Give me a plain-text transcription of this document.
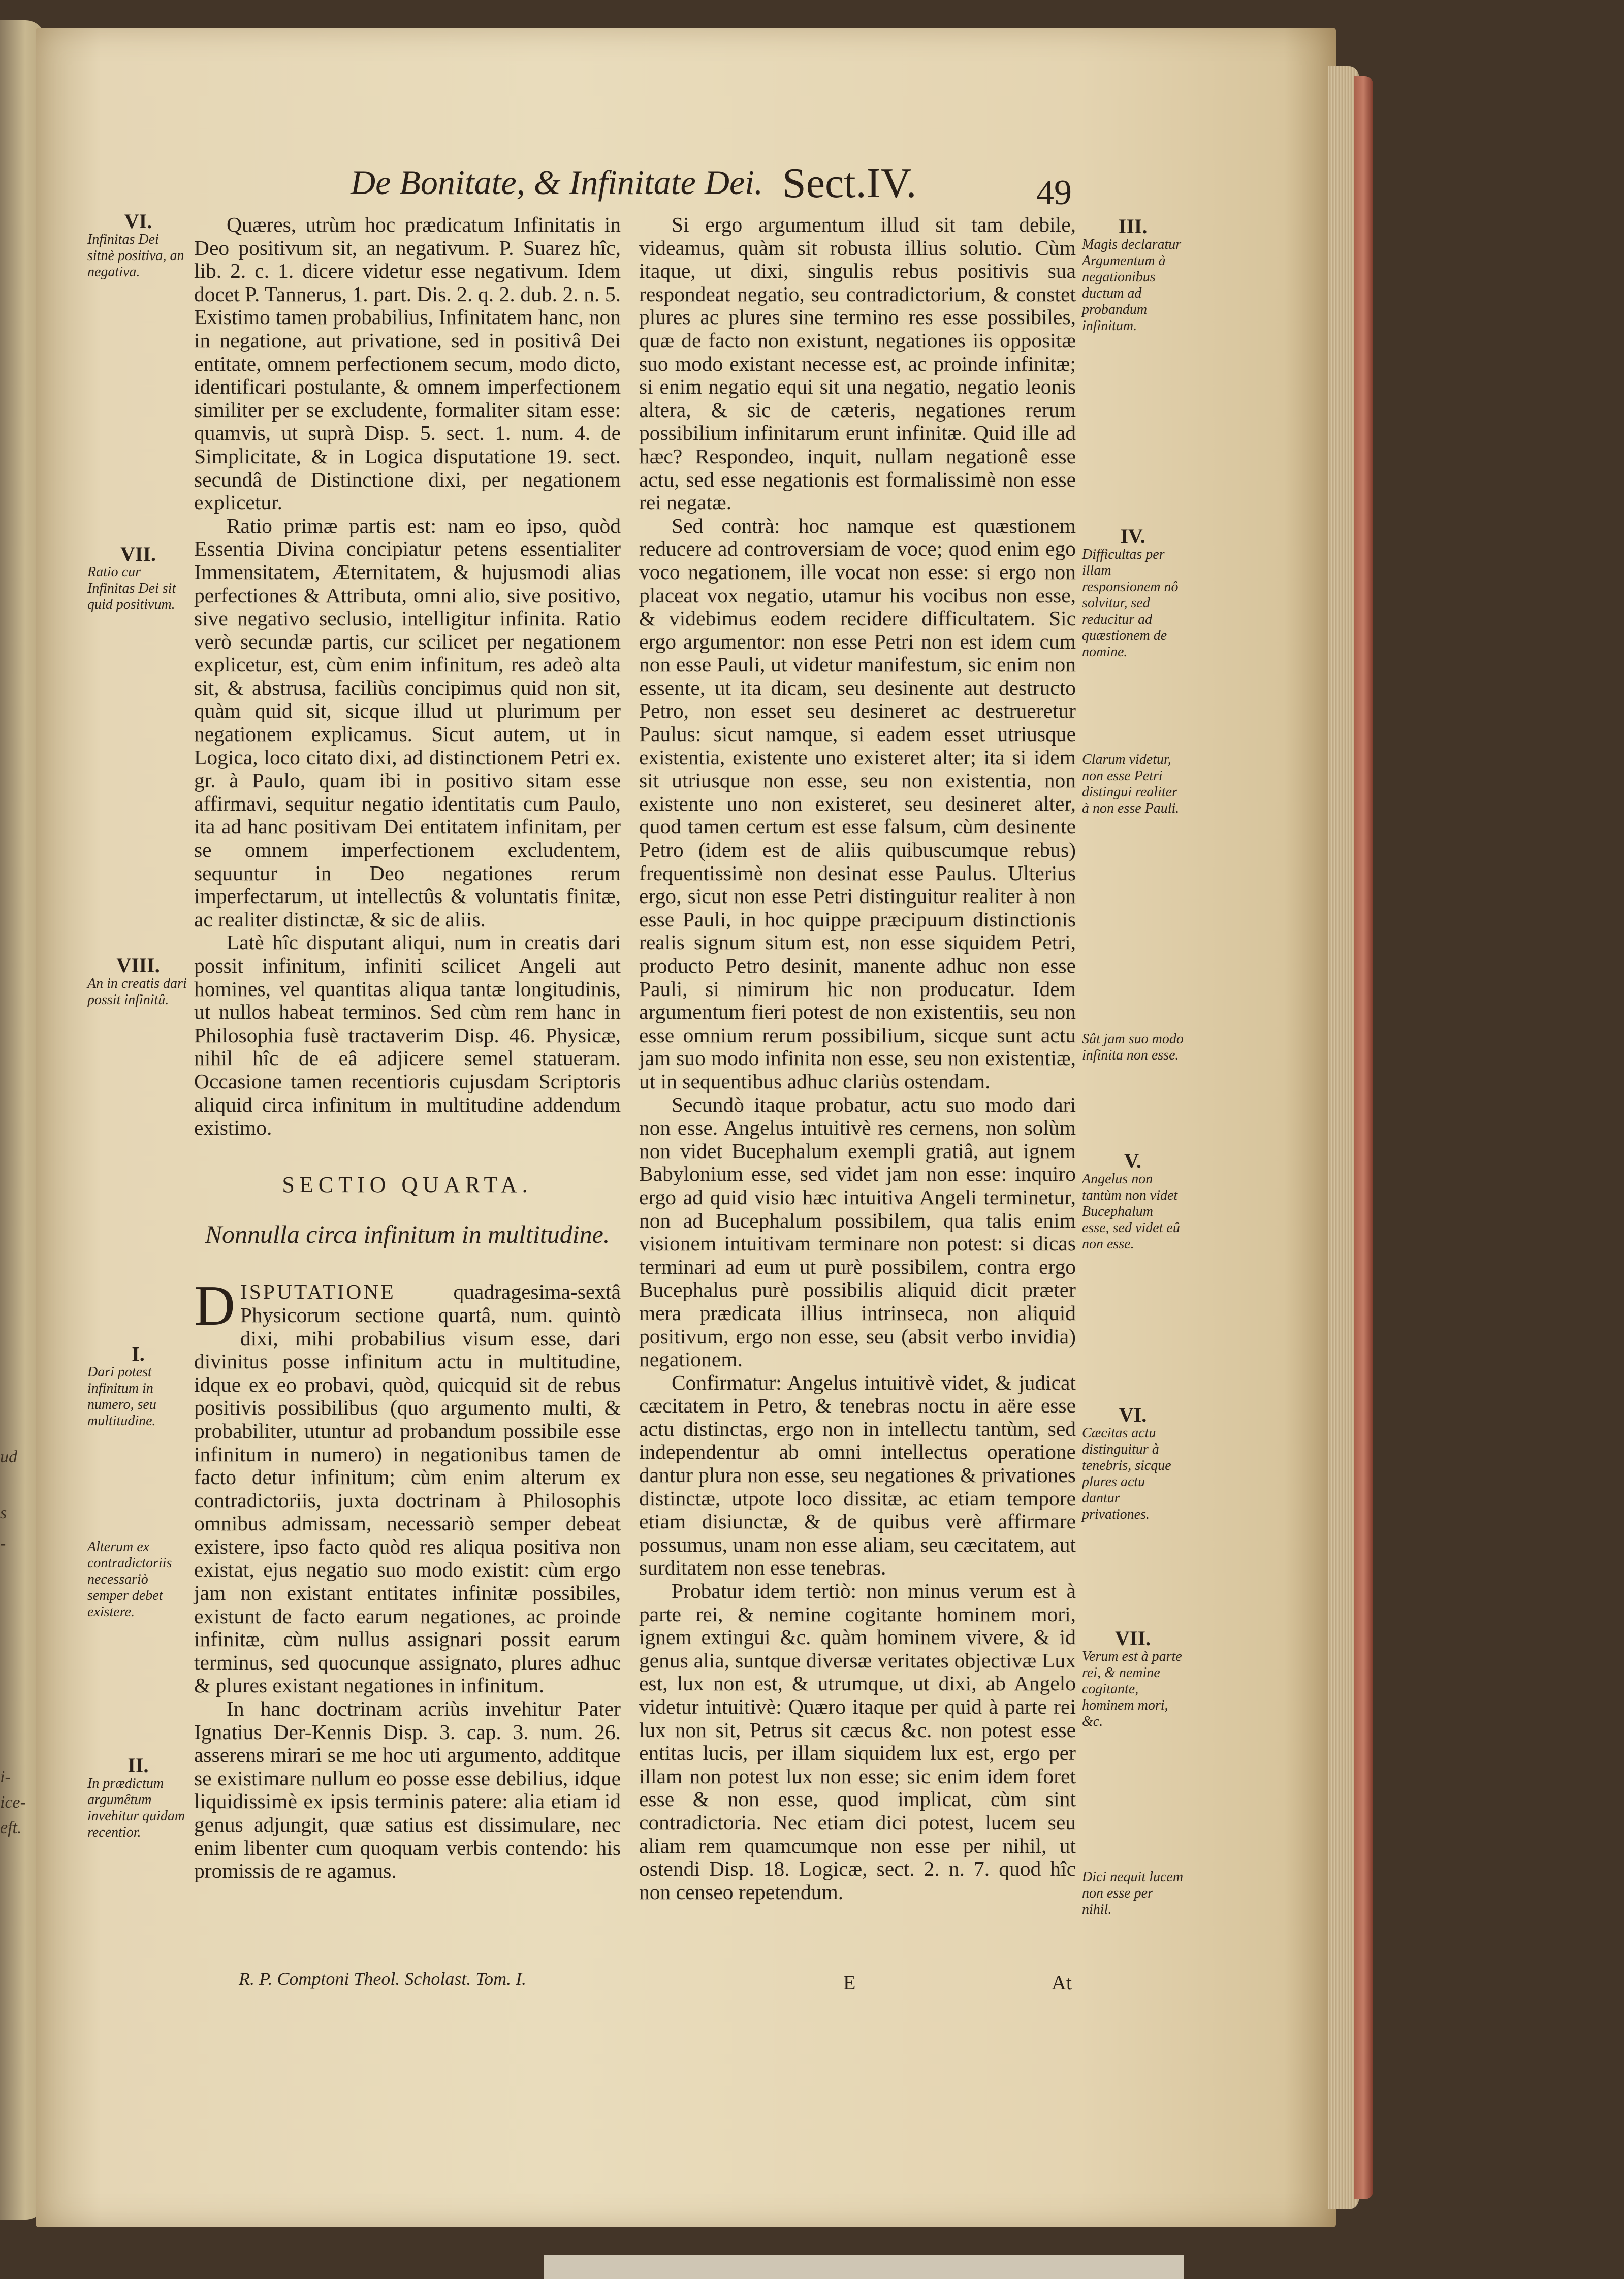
ud
s
-
i-
ice-
eft.
De Bonitate, & Infinitate Dei. Sect.IV.	49
VI.
Infinitas Dei sitnè positiva, an negativa.
VII.
Ratio cur Infinitas Dei sit quid positivum.
VIII.
An in creatis dari possit infinitû.
I.
Dari potest infinitum in numero, seu multitudine.
Alterum ex contradictoriis necessariò semper debet existere.
II.
In prædictum argumêtum invehitur quidam recentior.

Quæres, utrùm hoc prædicatum Infinitatis in Deo positivum sit, an negativum. P. Suarez hîc, lib. 2. c. 1. dicere videtur esse negativum. Idem docet P. Tannerus, 1. part. Dis. 2. q. 2. dub. 2. n. 5. Existimo tamen probabilius, Infinitatem hanc, non in negatione, aut privatione, sed in positivâ Dei entitate, omnem perfectionem secum, modo dicto, identificari postulante, & omnem imperfectionem similiter per se excludente, formaliter sitam esse: quamvis, ut suprà Disp. 5. sect. 1. num. 4. de Simplicitate, & in Logica disputatione 19. sect. secundâ de Distinctione dixi, per negationem explicetur.

Ratio primæ partis est: nam eo ipso, quòd Essentia Divina concipiatur petens essentialiter Immensitatem, Æternitatem, & hujusmodi alias perfectiones & Attributa, omni alio, sive positivo, sive negativo seclusio, intelligitur infinita. Ratio verò secundæ partis, cur scilicet per negationem explicetur, est, cùm enim infinitum, res adeò alta sit, & abstrusa, faciliùs concipimus quid non sit, quàm quid sit, sicque illud ut plurimum per negationem explicamus. Sicut autem, ut in Logica, loco citato dixi, ad distinctionem Petri ex. gr. à Paulo, quam ibi in positivo sitam esse affirmavi, sequitur negatio identitatis cum Paulo, ita ad hanc positivam Dei entitatem infinitam, per se omnem imperfectionem excludentem, sequuntur in Deo negationes rerum imperfectarum, ut intellectûs & voluntatis finitæ, ac realiter distinctæ, & sic de aliis.

Latè hîc disputant aliqui, num in creatis dari possit infinitum, infiniti scilicet Angeli aut homines, vel quantitas aliqua tantæ longitudinis, ut nullos habeat terminos. Sed cùm rem hanc in Philosophia fusè tractaverim Disp. 46. Physicæ, nihil hîc de eâ adjicere semel statueram. Occasione tamen recentioris cujusdam Scriptoris aliquid circa infinitum in multitudine addendum existimo.

SECTIO QUARTA.
Nonnulla circa infinitum in multitudine.

DISPUTATIONE quadragesima-sextâ Physicorum sectione quartâ, num. quintò dixi, mihi probabilius visum esse, dari divinitus posse infinitum actu in multitudine, idque ex eo probavi, quòd, quicquid sit de rebus positivis possibilibus (quo argumento multi, & probabiliter, utuntur ad probandum possibile esse infinitum in numero) in negationibus tamen de facto detur infinitum; cùm enim alterum ex contradictoriis, juxta doctrinam à Philosophis omnibus admissam, necessariò semper debeat existere, ipso facto quòd res aliqua positiva non existat, ejus negatio suo modo existit: cùm ergo jam non existant entitates infinitæ possibiles, existunt de facto earum negationes, ac proinde infinitæ, cùm nullus assignari possit earum terminus, sed quocunque assignato, plures adhuc & plures existant negationes in infinitum.

In hanc doctrinam acriùs invehitur Pater Ignatius Der-Kennis Disp. 3. cap. 3. num. 26. asserens mirari se me hoc uti argumento, additque se existimare nullum eo posse esse debilius, idque liquidissimè ex ipsis terminis patere: alia etiam id genus adjungit, quæ satius est dissimulare, nec enim libenter cum quoquam verbis contendo: his promissis de re agamus.

Si ergo argumentum illud sit tam debile, videamus, quàm sit robusta illius solutio. Cùm itaque, ut dixi, singulis rebus positivis sua respondeat negatio, seu contradictorium, & constet plures ac plures sine termino res esse possibiles, quæ de facto non existunt, negationes iis oppositæ suo modo existant necesse est, ac proinde infinitæ; si enim negatio equi sit una negatio, negatio leonis altera, & sic de cæteris, negationes rerum possibilium infinitarum erunt infinitæ. Quid ille ad hæc? Respondeo, inquit, nullam negationê esse actu, sed esse negationis est formalissimè non esse rei negatæ.

Sed contrà: hoc namque est quæstionem reducere ad controversiam de voce; quod enim ego voco negationem, ille vocat non esse: si ergo non placeat vox negatio, utamur his vocibus non esse, & videbimus eodem recidere difficultatem. Sic ergo argumentor: non esse Petri non est idem cum non esse Pauli, ut videtur manifestum, sic enim non essente, ut ita dicam, seu desinente aut destructo Petro, non esset seu desineret ac destrueretur Paulus: sicut namque, si eadem esset utriusque existentia, existente uno existeret alter; ita si idem sit utriusque non esse, seu non existentia, non existente uno non existeret, seu desineret alter, quod tamen certum est esse falsum, cùm desinente Petro (idem est de aliis quibuscumque rebus) frequentissimè non desinat esse Paulus. Ulterius ergo, sicut non esse Petri distinguitur realiter à non esse Pauli, in hoc quippe præcipuum distinctionis realis signum situm est, non esse siquidem Petri, producto Petro desinit, manente adhuc non esse Pauli, si nimirum hic non producatur. Idem argumentum fieri potest de non existentiis, seu non esse omnium rerum possibilium, sicque sunt actu jam suo modo infinita non esse, seu non existentiæ, ut in sequentibus adhuc clariùs ostendam.

Secundò itaque probatur, actu suo modo dari non esse. Angelus intuitivè res cernens, non solùm non videt Bucephalum exempli gratiâ, aut ignem Babylonium esse, sed videt jam non esse: inquiro ergo ad quid visio hæc intuitiva Angeli terminetur, non ad Bucephalum possibilem, qua talis enim visionem intuitivam terminare non potest: si dicas terminari ad eum ut purè possibilem, contra ergo Bucephalus purè possibilis aliquid dicit præter mera prædicata illius intrinseca, non aliquid positivum, ergo non esse, seu (absit verbo invidia) negationem.

Confirmatur: Angelus intuitivè videt, & judicat cæcitatem in Petro, & tenebras noctu in aëre esse actu distinctas, ergo non in intellectu tantùm, sed independentur ab omni intellectus operatione dantur plura non esse, seu negationes & privationes distinctæ, utpote loco dissitæ, ac etiam tempore etiam disiunctæ, & de quibus verè affirmare possumus, unam non esse aliam, seu cæcitatem, aut surditatem non esse tenebras.

Probatur idem tertiò: non minus verum est à parte rei, & nemine cogitante hominem mori, ignem extingui &c. quàm hominem vivere, & id genus alia, suntque diversæ veritates objectivæ Lux est, lux non est, & utrumque, ut dixi, ab Angelo videtur intuitivè: Quæro itaque per quid à parte rei lux non sit, Petrus sit cæcus &c. non potest esse entitas lucis, per illam siquidem lux est, ergo per illam non potest lux non esse; sic enim idem foret esse & non esse, quod implicat, cùm sint contradictoria. Nec etiam dici potest, lucem seu aliam rem quamcumque non esse per nihil, ut ostendi Disp. 18. Logicæ, sect. 2. n. 7. quod hîc non censeo repetendum.

III.
Magis declaratur Argumentum à negationibus ductum ad probandum infinitum.
IV.
Difficultas per illam responsionem nô solvitur, sed reducitur ad quæstionem de nomine.
Clarum videtur, non esse Petri distingui realiter à non esse Pauli.
Sût jam suo modo infinita non esse.
V.
Angelus non tantùm non videt Bucephalum esse, sed videt eû non esse.
VI.
Cæcitas actu distinguitur à tenebris, sicque plures actu dantur privationes.
VII.
Verum est à parte rei, & nemine cogitante, hominem mori, &c.
Dici nequit lucem non esse per nihil.
R. P. Comptoni Theol. Scholast. Tom. I.	E	At
